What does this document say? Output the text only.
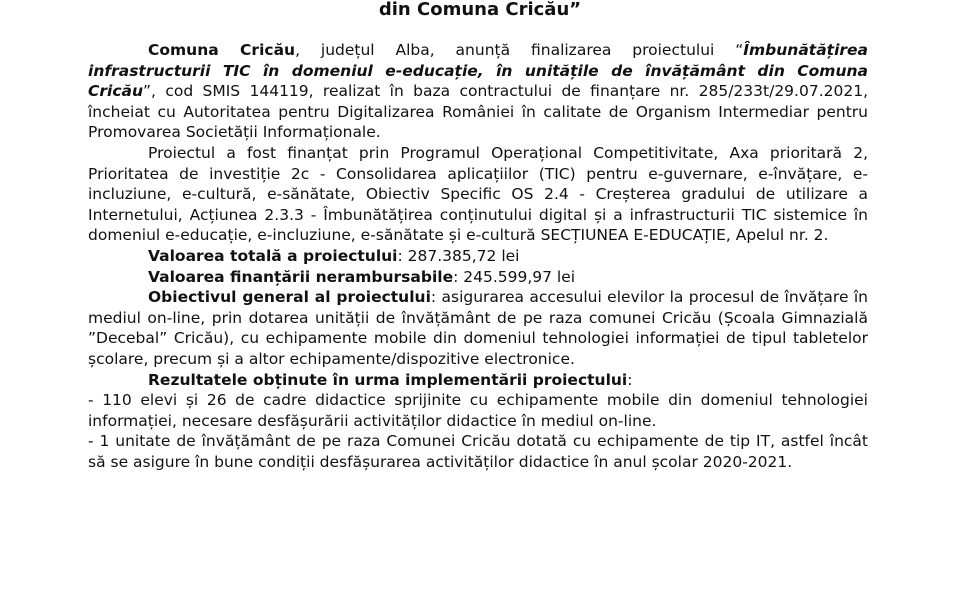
din Comuna Cricău”

Comuna Cricău, județul Alba, anunță finalizarea proiectului “Îmbunătățirea infrastructurii TIC în domeniul e-educație, în unitățile de învățământ din Comuna Cricău”, cod SMIS 144119, realizat în baza contractului de finanțare nr. 285/233t/29.07.2021, încheiat cu Autoritatea pentru Digitalizarea României în calitate de Organism Intermediar pentru Promovarea Societății Informaționale.

Proiectul a fost finanțat prin Programul Operațional Competitivitate, Axa prioritară 2, Prioritatea de investiție 2c - Consolidarea aplicațiilor (TIC) pentru e-guvernare, e-învățare, e-incluziune, e-cultură, e-sănătate, Obiectiv Specific OS 2.4 - Creșterea gradului de utilizare a Internetului, Acțiunea 2.3.3 - Îmbunătățirea conținutului digital și a infrastructurii TIC sistemice în domeniul e-educație, e-incluziune, e-sănătate și e-cultură SECȚIUNEA E-EDUCAȚIE, Apelul nr. 2.

Valoarea totală a proiectului: 287.385,72 lei

Valoarea finanțării nerambursabile: 245.599,97 lei

Obiectivul general al proiectului: asigurarea accesului elevilor la procesul de învățare în mediul on-line, prin dotarea unității de învățământ de pe raza comunei Cricău (Școala Gimnazială ”Decebal” Cricău), cu echipamente mobile din domeniul tehnologiei informației de tipul tabletelor școlare, precum și a altor echipamente/dispozitive electronice.

Rezultatele obținute în urma implementării proiectului:

- 110 elevi și 26 de cadre didactice sprijinite cu echipamente mobile din domeniul tehnologiei informației, necesare desfășurării activităților didactice în mediul on-line.

- 1 unitate de învățământ de pe raza Comunei Cricău dotată cu echipamente de tip IT, astfel încât să se asigure în bune condiții desfășurarea activităților didactice în anul școlar 2020-2021.
